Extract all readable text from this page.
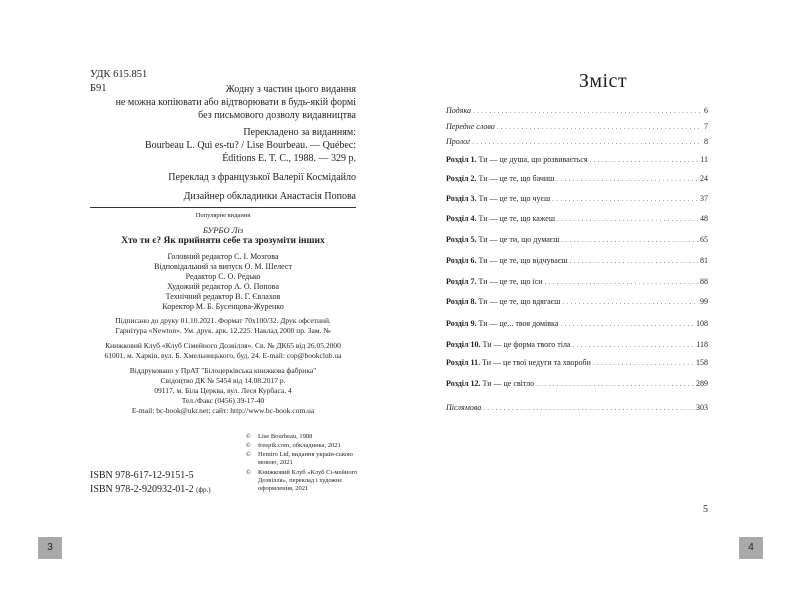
УДК 615.851
Б91	Жодну з частин цього видання
не можна копіювати або відтворювати в будь-якій формі
без письмового дозволу видавництва
Перекладено за виданням:
Bourbeau L. Qui es-tu? / Lise Bourbeau. — Québec:
Éditions E. T. C., 1988. — 329 p.
Переклад з французької Валерії Космідайло
Дизайнер обкладинки Анастасія Попова
Популярне видання
БУРБО Ліз
Хто ти є? Як прийняти себе та зрозуміти інших
Головний редактор С. І. Мозгова
Відповідальний за випуск О. М. Шелест
Редактор С. О. Редько
Художній редактор А. О. Попова
Технічний редактор В. Г. Євлахов
Коректор М. Б. Бусенцова-Журенко
Підписано до друку 01.10.2021. Формат 70x100/32. Друк офсетний.
Гарнітура «Newton». Ум. друк. арк. 12,225. Наклад 2000 пр. Зам. №
Книжковий Клуб «Клуб Сімейного Дозвілля». Св. № ДК65 від 26.05.2000
61001, м. Харків, вул. Б. Хмельницького, буд. 24. E-mail: cop@bookclub.ua
Віддруковано у ПрАТ "Білоцерківська книжкова фабрика"
Свідоцтво ДК № 5454 від 14.08.2017 р.
09117, м. Біла Церква, вул. Леся Курбаса, 4
Тел./Факс (0456) 39-17-40
E-mail: bc-book@ukr.net; сайт: http://www.bc-book.com.ua
©	Lise Bourbeau, 1988
©	freepik.com, обкладинка, 2021
©	Hemiro Ltd, видання україн-ською мовою, 2021
©	Книжковий Клуб «Клуб Сі-мейного Дозвілля», переклад і художнє оформлення, 2021
ISBN 978-617-12-9151-5
ISBN 978-2-920932-01-2 (фр.)
3
Зміст
Подяка . . .	6
Передне слово . . .	7
Пролог . . .	8
Розділ 1. Ти — це душа, що розвивається . . .	11
Розділ 2. Ти — це те, що бачиш . . .	24
Розділ 3. Ти — це те, що чуєш . . .	37
Розділ 4. Ти — це те, що кажеш . . .	48
Розділ 5. Ти — це ти, що думаєш . . .	65
Розділ 6. Ти — це те, що відчуваєш . . .	81
Розділ 7. Ти — це те, що їси . . .	88
Розділ 8. Ти — це те, що вдягаєш . . .	99
Розділ 9. Ти — це... твоя домівка . . .	108
Розділ 10. Ти — це форма твого тіла . . .	118
Розділ 11. Ти — це твої недуги та хвороби . . .	158
Розділ 12. Ти — це світло . . .	289
Післямова . . .	303
5
4
